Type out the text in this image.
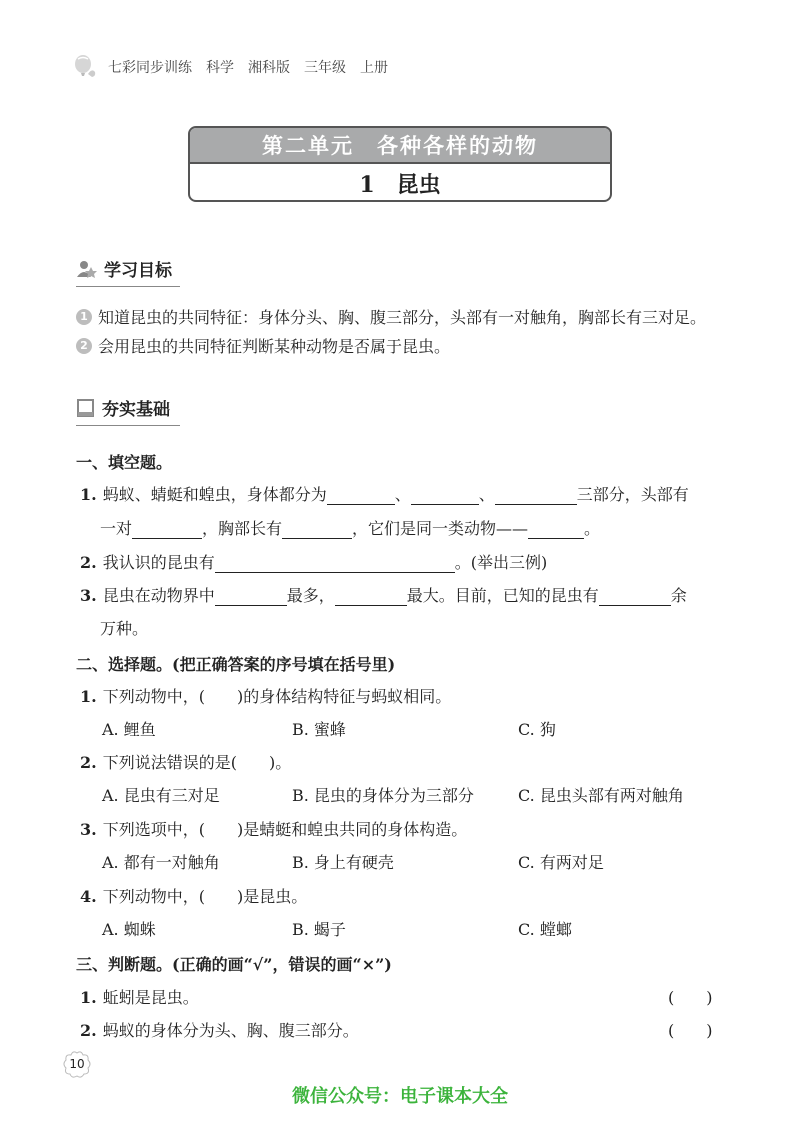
七彩同步训练　科学　湘科版　三年级　上册
第二单元　各种各样的动物
1　昆虫
学习目标
1 知道昆虫的共同特征：身体分头、胸、腹三部分，头部有一对触角，胸部长有三对足。
2 会用昆虫的共同特征判断某种动物是否属于昆虫。
夯实基础
一、填空题。
1. 蚂蚁、蜻蜓和蝗虫，身体都分为	、	、	三部分，头部有
一对	，胸部长有	，它们是同一类动物——	。
2. 我认识的昆虫有	。(举出三例)
3. 昆虫在动物界中	最多，	最大。目前，已知的昆虫有	余
万种。
二、选择题。(把正确答案的序号填在括号里)
1. 下列动物中，(　　)的身体结构特征与蚂蚁相同。
A. 鲤鱼	B. 蜜蜂	C. 狗
2. 下列说法错误的是(　　)。
A. 昆虫有三对足	B. 昆虫的身体分为三部分	C. 昆虫头部有两对触角
3. 下列选项中，(　　)是蜻蜓和蝗虫共同的身体构造。
A. 都有一对触角	B. 身上有硬壳	C. 有两对足
4. 下列动物中，(　　)是昆虫。
A. 蜘蛛	B. 蝎子	C. 螳螂
三、判断题。(正确的画“√”，错误的画“×”)
1. 蚯蚓是昆虫。	(　　)
2. 蚂蚁的身体分为头、胸、腹三部分。	(　　)
10
微信公众号：电子课本大全
